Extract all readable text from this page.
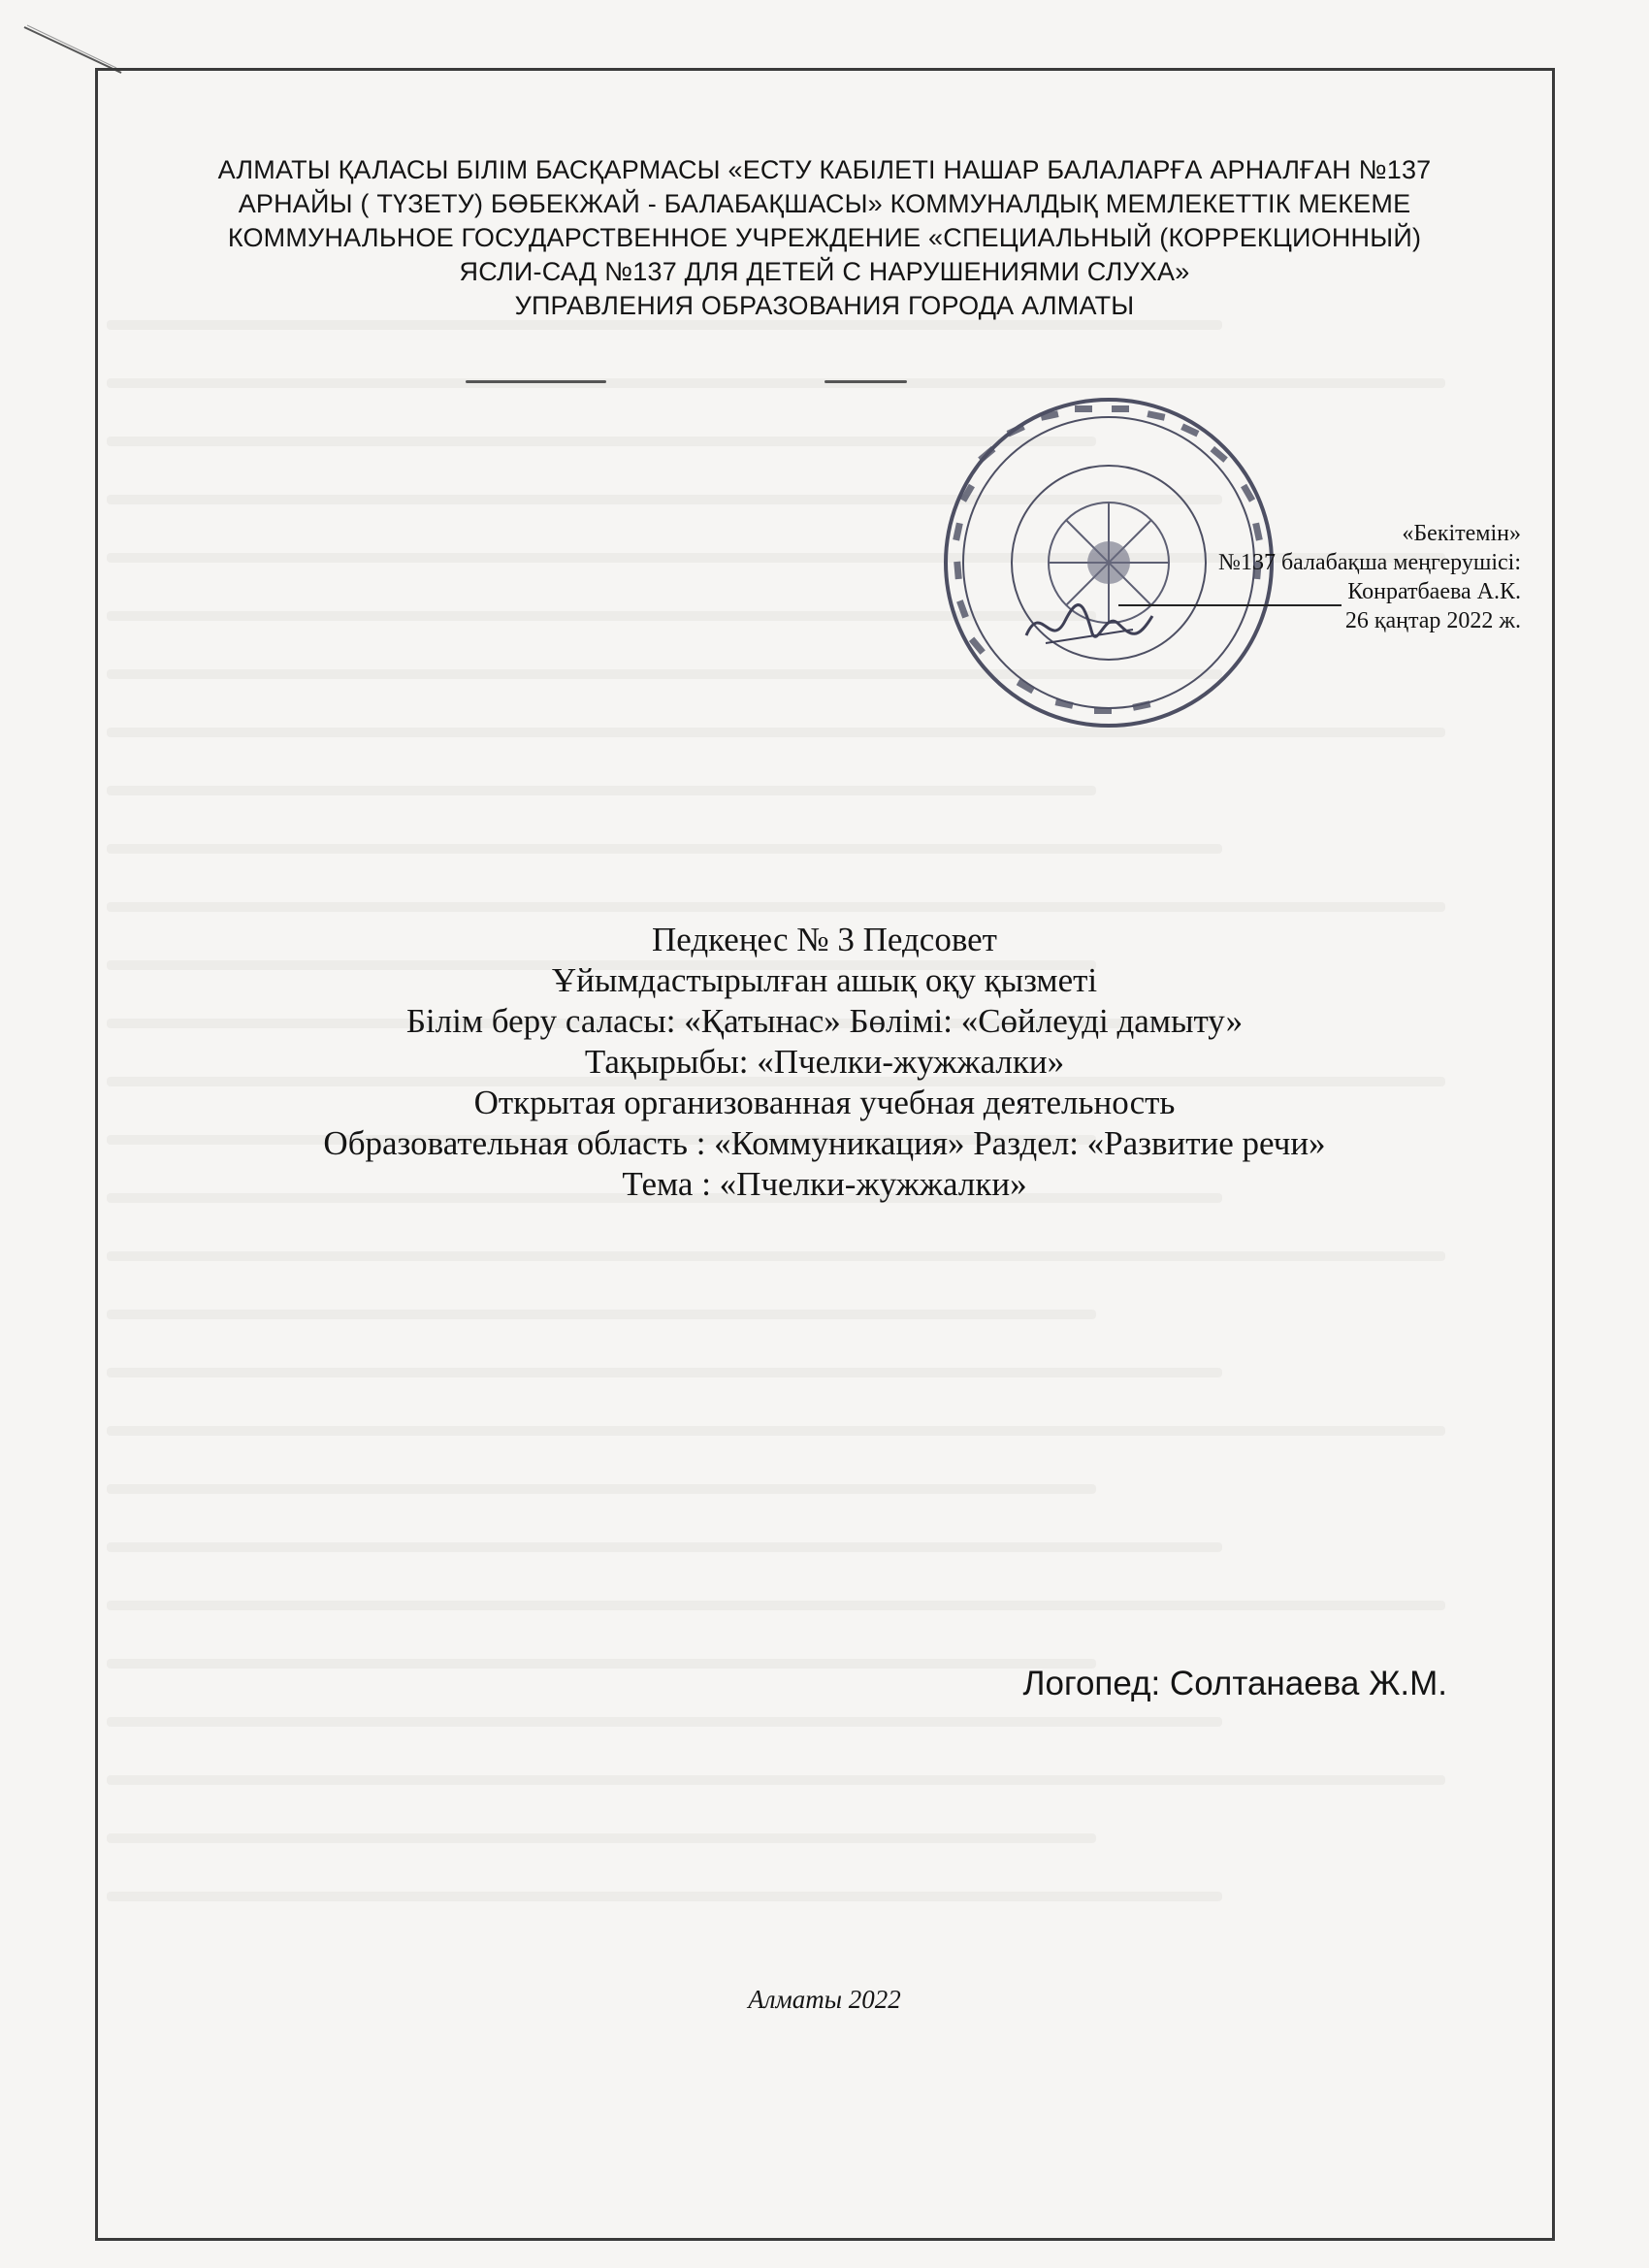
АЛМАТЫ ҚАЛАСЫ БІЛІМ БАСҚАРМАСЫ «ЕСТУ КАБІЛЕТІ НАШАР БАЛАЛАРҒА АРНАЛҒАН №137
АРНАЙЫ ( ТҮЗЕТУ) БӨБЕКЖАЙ - БАЛАБАҚШАСЫ» КОММУНАЛДЫҚ МЕМЛЕКЕТТІК МЕКЕМЕ
КОММУНАЛЬНОЕ ГОСУДАРСТВЕННОЕ УЧРЕЖДЕНИЕ «СПЕЦИАЛЬНЫЙ (КОРРЕКЦИОННЫЙ)
ЯСЛИ-САД №137 ДЛЯ ДЕТЕЙ С НАРУШЕНИЯМИ СЛУХА»
УПРАВЛЕНИЯ ОБРАЗОВАНИЯ ГОРОДА АЛМАТЫ
«Бекітемін»
№137 балабақша меңгерушісі:
Конратбаева А.К.
26 қаңтар 2022 ж.
Педкеңес № 3 Педсовет
Ұйымдастырылған ашық оқу қызметі
Білім беру саласы: «Қатынас» Бөлімі: «Сөйлеуді дамыту»
Тақырыбы: «Пчелки-жужжалки»
Открытая организованная учебная деятельность
Образовательная область : «Коммуникация» Раздел: «Развитие речи»
Тема : «Пчелки-жужжалки»
Логопед: Солтанаева Ж.М.
Алматы 2022
